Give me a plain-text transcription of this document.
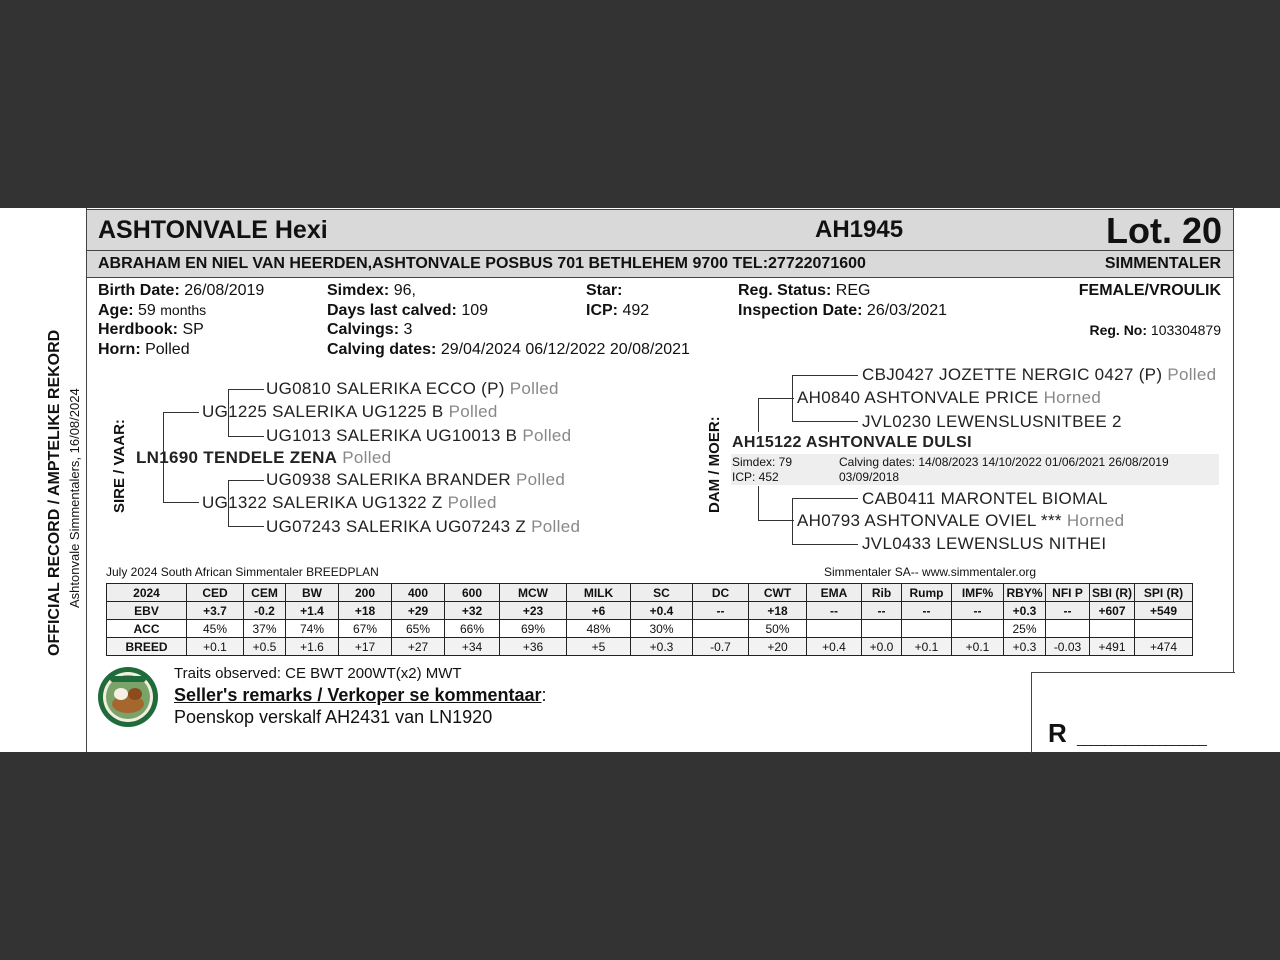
ASHTONVALE Hexi	AH1945	Lot. 20
ABRAHAM EN NIEL VAN HEERDEN,ASHTONVALE POSBUS 701 BETHLEHEM 9700 TEL:27722071600	SIMMENTALER
OFFICIAL RECORD / AMPTELIKE REKORD Ashtonvale Simmentalers, 16/08/2024
Birth Date: 26/08/2019
Age: 59 months
Herdbook: SP
Horn: Polled
Simdex: 96,
Days last calved: 109
Calvings: 3
Calving dates: 29/04/2024 06/12/2022 20/08/2021
Star:
ICP: 492
Reg. Status: REG
Inspection Date: 26/03/2021
FEMALE/VROULIK
Reg. No: 103304879
SIRE / VAAR:
UG0810 SALERIKA ECCO (P) Polled
UG1225 SALERIKA UG1225 B Polled
UG1013 SALERIKA UG10013 B Polled
LN1690 TENDELE ZENA Polled
UG0938 SALERIKA BRANDER Polled
UG1322 SALERIKA UG1322 Z Polled
UG07243 SALERIKA UG07243 Z Polled
DAM / MOER:
CBJ0427 JOZETTE NERGIC 0427 (P) Polled
AH0840 ASHTONVALE PRICE Horned
JVL0230 LEWENSLUSNITBEE 2
AH15122 ASHTONVALE DULSI
Simdex: 79
ICP: 452
Calving dates: 14/08/2023 14/10/2022 01/06/2021 26/08/2019
03/09/2018
CAB0411 MARONTEL BIOMAL
AH0793 ASHTONVALE OVIEL *** Horned
JVL0433 LEWENSLUS NITHEI
July 2024 South African Simmentaler BREEDPLAN	Simmentaler SA-- www.simmentaler.org
2024	CED	CEM	BW	200	400	600	MCW	MILK	SC	DC	CWT	EMA	Rib	Rump	IMF%	RBY%	NFI P	SBI (R)	SPI (R)
EBV	+3.7	-0.2	+1.4	+18	+29	+32	+23	+6	+0.4	--	+18	--	--	--	--	+0.3	--	+607	+549
ACC	45%	37%	74%	67%	65%	66%	69%	48%	30%		50%					25%			
BREED	+0.1	+0.5	+1.6	+17	+27	+34	+36	+5	+0.3	-0.7	+20	+0.4	+0.0	+0.1	+0.1	+0.3	-0.03	+491	+474
Traits observed: CE BWT 200WT(x2) MWT
Seller's remarks / Verkoper se kommentaar:
Poenskop verskalf AH2431 van LN1920
R ___________________
